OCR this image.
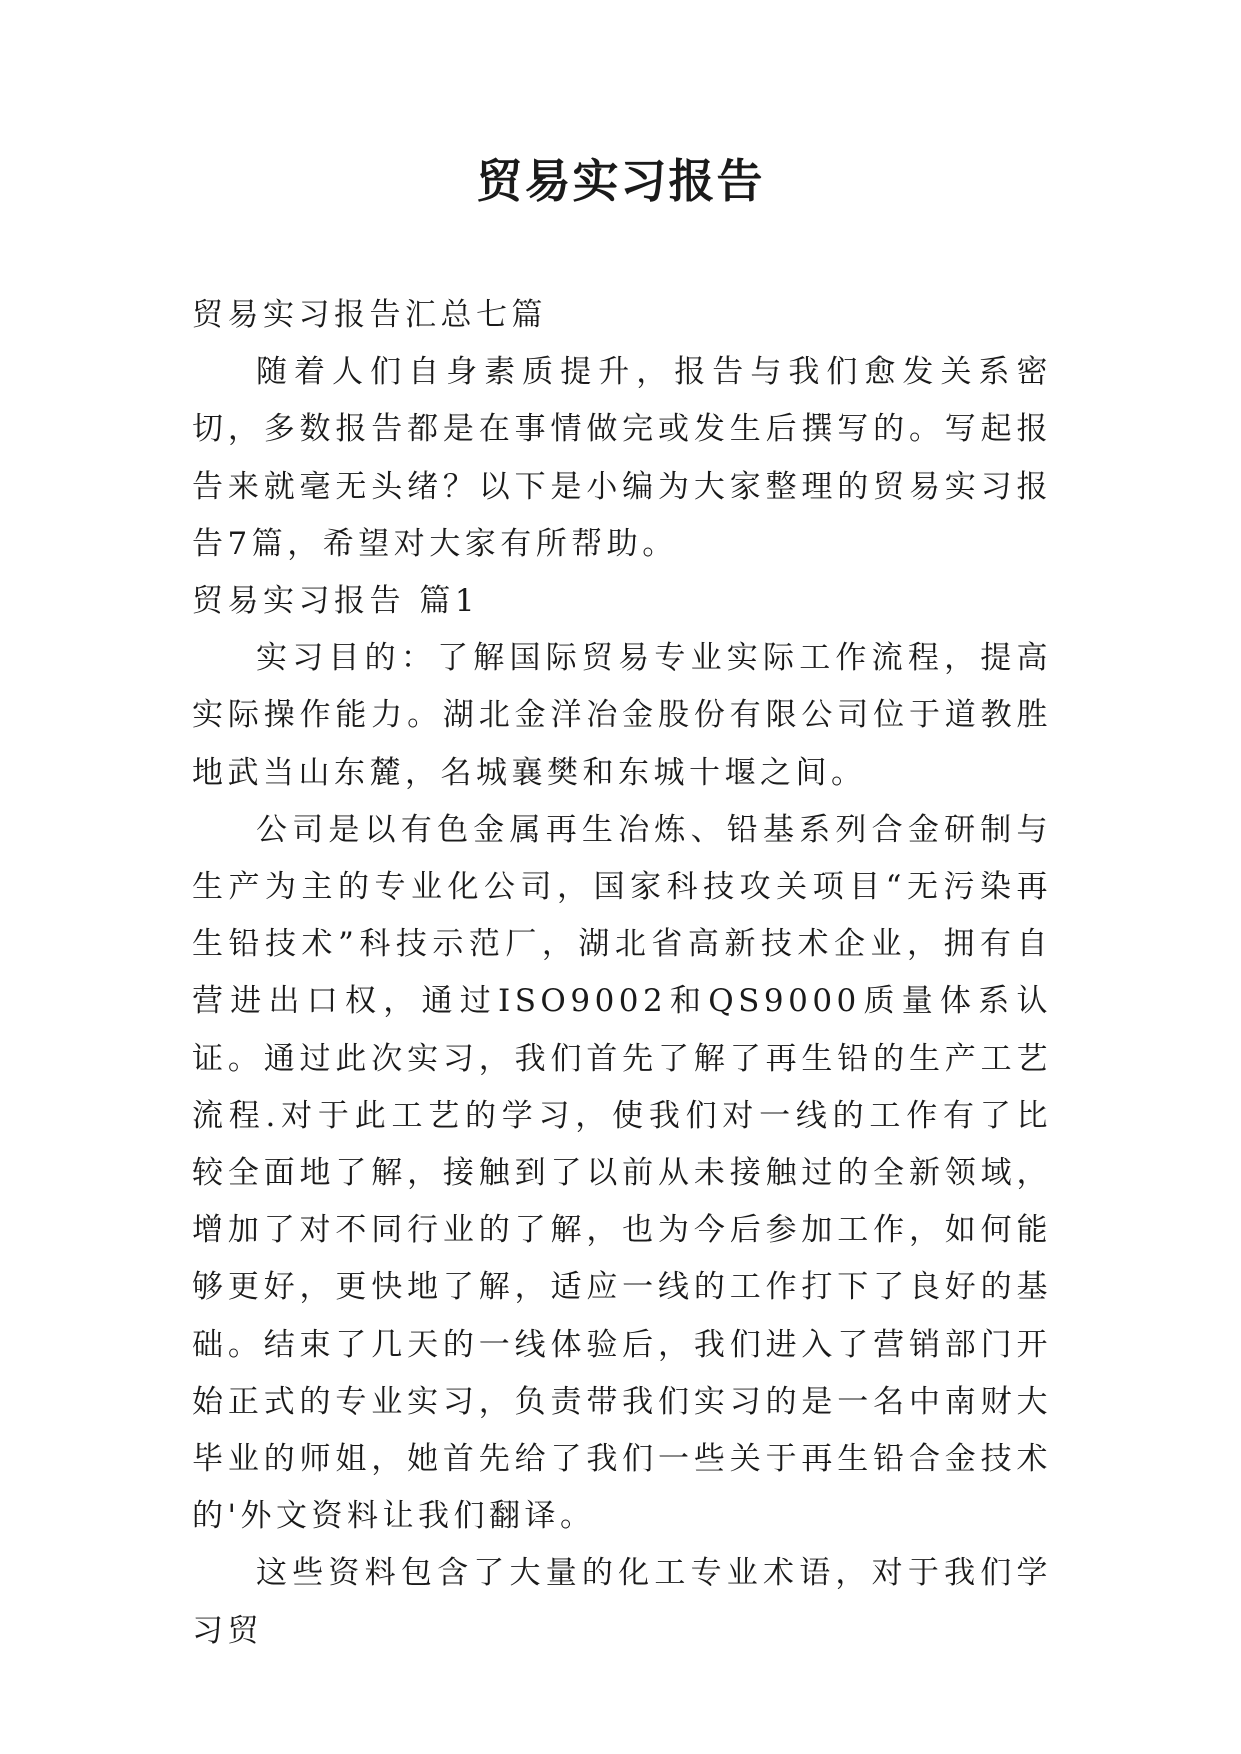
贸易实习报告

贸易实习报告汇总七篇

随着人们自身素质提升，报告与我们愈发关系密切，多数报告都是在事情做完或发生后撰写的。写起报告来就毫无头绪？以下是小编为大家整理的贸易实习报告7篇，希望对大家有所帮助。

贸易实习报告 篇1

实习目的：了解国际贸易专业实际工作流程，提高实际操作能力。湖北金洋冶金股份有限公司位于道教胜地武当山东麓，名城襄樊和东城十堰之间。

公司是以有色金属再生冶炼、铅基系列合金研制与生产为主的专业化公司，国家科技攻关项目“无污染再生铅技术”科技示范厂，湖北省高新技术企业，拥有自营进出口权，通过ISO9002和QS9000质量体系认证。通过此次实习，我们首先了解了再生铅的生产工艺流程.对于此工艺的学习，使我们对一线的工作有了比较全面地了解，接触到了以前从未接触过的全新领域，增加了对不同行业的了解，也为今后参加工作，如何能够更好，更快地了解，适应一线的工作打下了良好的基础。结束了几天的一线体验后，我们进入了营销部门开始正式的专业实习，负责带我们实习的是一名中南财大毕业的师姐，她首先给了我们一些关于再生铅合金技术的'外文资料让我们翻译。

这些资料包含了大量的化工专业术语，对于我们学习贸
